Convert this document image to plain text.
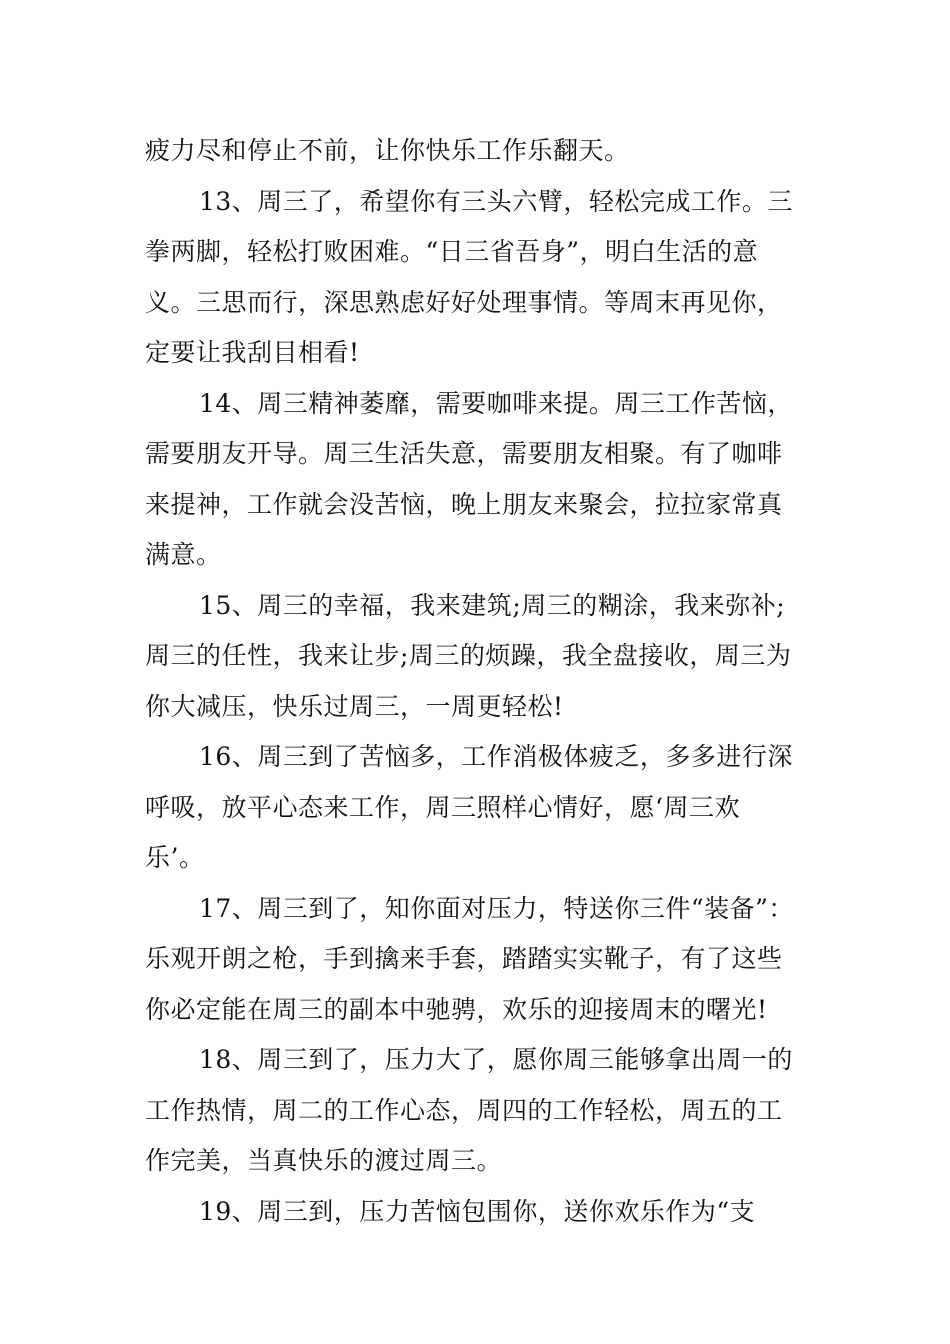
疲力尽和停止不前，让你快乐工作乐翻天。

13、周三了，希望你有三头六臂，轻松完成工作。三
拳两脚，轻松打败困难。“日三省吾身”，明白生活的意
义。三思而行，深思熟虑好好处理事情。等周末再见你，
定要让我刮目相看!

14、周三精神萎靡，需要咖啡来提。周三工作苦恼，
需要朋友开导。周三生活失意，需要朋友相聚。有了咖啡
来提神，工作就会没苦恼，晚上朋友来聚会，拉拉家常真
满意。

15、周三的幸福，我来建筑;周三的糊涂，我来弥补;
周三的任性，我来让步;周三的烦躁，我全盘接收，周三为
你大减压，快乐过周三，一周更轻松!

16、周三到了苦恼多，工作消极体疲乏，多多进行深
呼吸，放平心态来工作，周三照样心情好，愿‘周三欢
乐’。

17、周三到了，知你面对压力，特送你三件“装备”：
乐观开朗之枪，手到擒来手套，踏踏实实靴子，有了这些
你必定能在周三的副本中驰骋，欢乐的迎接周末的曙光!

18、周三到了，压力大了，愿你周三能够拿出周一的
工作热情，周二的工作心态，周四的工作轻松，周五的工
作完美，当真快乐的渡过周三。

19、周三到，压力苦恼包围你，送你欢乐作为“支
